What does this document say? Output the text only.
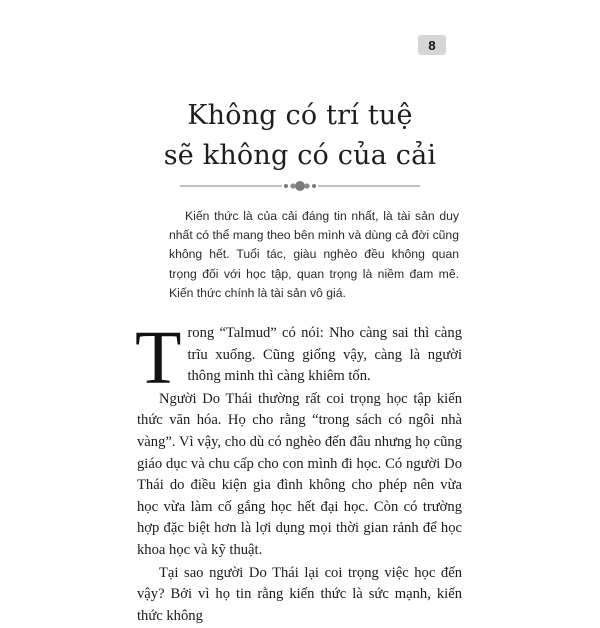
8
Không có trí tuệ
sẽ không có của cải

Kiến thức là của cải đáng tin nhất, là tài sản duy nhất có thể mang theo bên mình và dùng cả đời cũng không hết. Tuổi tác, giàu nghèo đều không quan trọng đối với học tập, quan trọng là niềm đam mê. Kiến thức chính là tài sản vô giá.

Trong “Talmud” có nói: Nho càng sai thì càng trĩu xuống. Cũng giống vậy, càng là người thông minh thì càng khiêm tốn.

Người Do Thái thường rất coi trọng học tập kiến thức văn hóa. Họ cho rằng “trong sách có ngôi nhà vàng”. Vì vậy, cho dù có nghèo đến đâu nhưng họ cũng giáo dục và chu cấp cho con mình đi học. Có người Do Thái do điều kiện gia đình không cho phép nên vừa học vừa làm cố gắng học hết đại học. Còn có trường hợp đặc biệt hơn là lợi dụng mọi thời gian rảnh để học khoa học và kỹ thuật.

Tại sao người Do Thái lại coi trọng việc học đến vậy? Bởi vì họ tin rằng kiến thức là sức mạnh, kiến thức không
